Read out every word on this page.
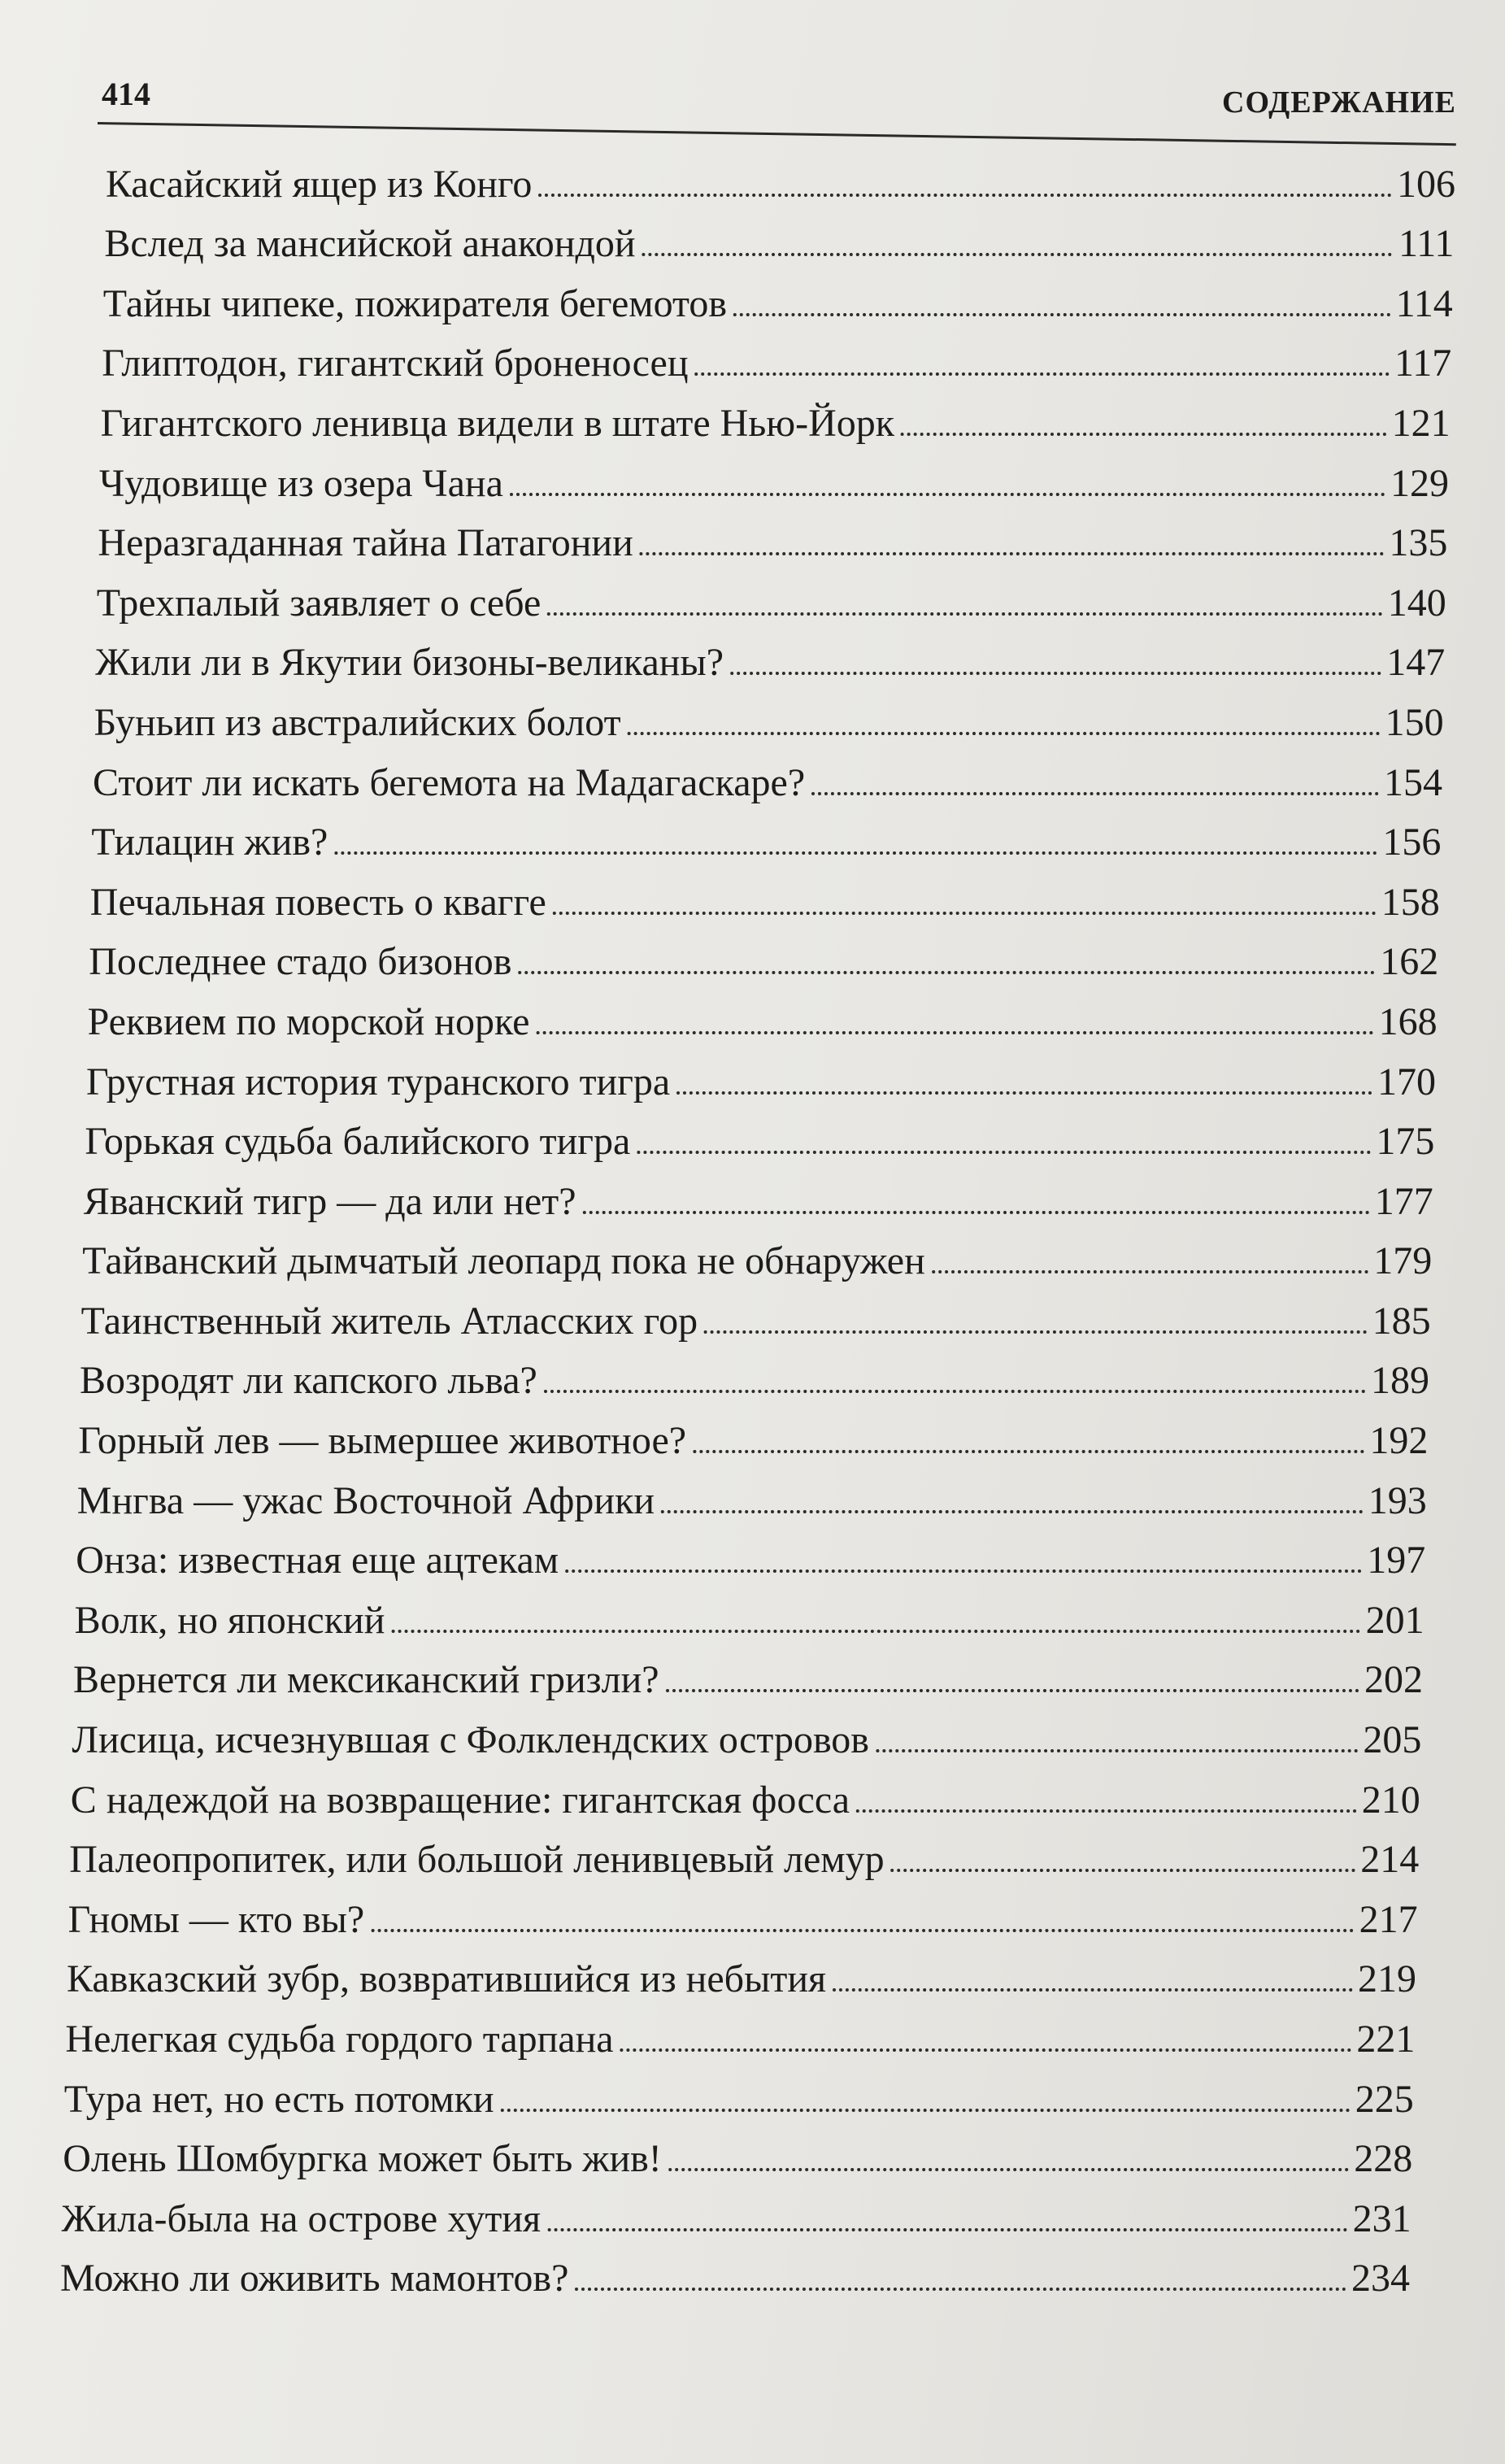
414	СОДЕРЖАНИЕ
Касайский ящер из Конго	106
Вслед за мансийской анакондой	111
Тайны чипеке, пожирателя бегемотов	114
Глиптодон, гигантский броненосец	117
Гигантского ленивца видели в штате Нью-Йорк	121
Чудовище из озера Чана	129
Неразгаданная тайна Патагонии	135
Трехпалый заявляет о себе	140
Жили ли в Якутии бизоны-великаны?	147
Буньип из австралийских болот	150
Стоит ли искать бегемота на Мадагаскаре?	154
Тилацин жив?	156
Печальная повесть о квагге	158
Последнее стадо бизонов	162
Реквием по морской норке	168
Грустная история туранского тигра	170
Горькая судьба балийского тигра	175
Яванский тигр — да или нет?	177
Тайванский дымчатый леопард пока не обнаружен	179
Таинственный житель Атласских гор	185
Возродят ли капского льва?	189
Горный лев — вымершее животное?	192
Мнгва — ужас Восточной Африки	193
Онза: известная еще ацтекам	197
Волк, но японский	201
Вернется ли мексиканский гризли?	202
Лисица, исчезнувшая с Фолклендских островов	205
С надеждой на возвращение: гигантская фосса	210
Палеопропитек, или большой ленивцевый лемур	214
Гномы — кто вы?	217
Кавказский зубр, возвратившийся из небытия	219
Нелегкая судьба гордого тарпана	221
Тура нет, но есть потомки	225
Олень Шомбургка может быть жив!	228
Жила-была на острове хутия	231
Можно ли оживить мамонтов?	234
